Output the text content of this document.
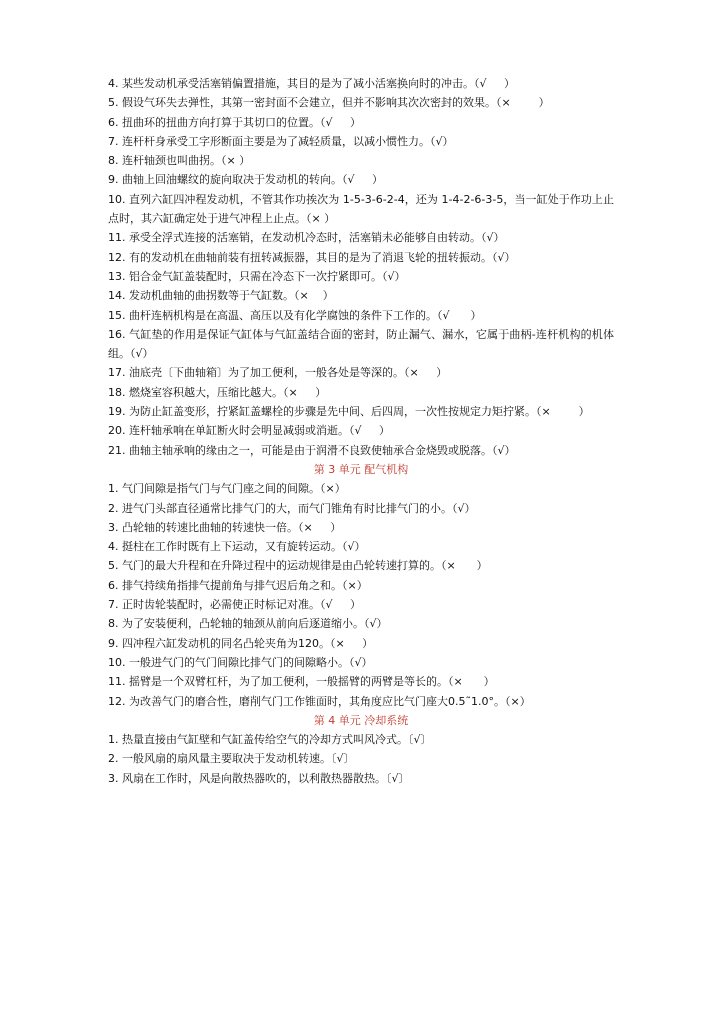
4. 某些发动机承受活塞销偏置措施，其目的是为了减小活塞换向时的冲击。（√     ）
5. 假设气环失去弹性，其第一密封面不会建立，但并不影响其次次密封的效果。（×        ）
6. 扭曲环的扭曲方向打算于其切口的位置。（√     ）
7. 连杆杆身承受工字形断面主要是为了减轻质量，以减小惯性力。（√）
8. 连杆轴颈也叫曲拐。（× ）
9. 曲轴上回油螺纹的旋向取决于发动机的转向。（√     ）
10. 直列六缸四冲程发动机，不管其作功挨次为 1-5-3-6-2-4，还为 1-4-2-6-3-5，当一缸处于作功上止点时，其六缸确定处于进气冲程上止点。（× ）
11. 承受全浮式连接的活塞销，在发动机冷态时，活塞销未必能够自由转动。（√）
12. 有的发动机在曲轴前装有扭转减振器，其目的是为了消退飞轮的扭转振动。（√）
13. 铝合金气缸盖装配时，只需在冷态下一次拧紧即可。（√）
14. 发动机曲轴的曲拐数等于气缸数。（×    ）
15. 曲杆连柄机构是在高温、高压以及有化学腐蚀的条件下工作的。（√      ）
16. 气缸垫的作用是保证气缸体与气缸盖结合面的密封，防止漏气、漏水，它属于曲柄-连杆机构的机体组。（√）
17. 油底壳〔下曲轴箱〕为了加工便利，一般各处是等深的。（×     ）
18. 燃烧室容积越大，压缩比越大。（×     ）
19. 为防止缸盖变形，拧紧缸盖螺栓的步骤是先中间、后四周，一次性按规定力矩拧紧。（×        ）
20. 连杆轴承响在单缸断火时会明显减弱或消逝。（√     ）
21. 曲轴主轴承响的缘由之一，可能是由于润滑不良致使轴承合金烧毁或脱落。（√）
第 3 单元 配气机构
1. 气门间隙是指气门与气门座之间的间隙。（×）
2. 进气门头部直径通常比排气门的大，而气门锥角有时比排气门的小。（√）
3. 凸轮轴的转速比曲轴的转速快一倍。（×     ）
4. 挺柱在工作时既有上下运动，又有旋转运动。（√）
5. 气门的最大升程和在升降过程中的运动规律是由凸轮转速打算的。（×      ）
6. 排气持续角指排气提前角与排气迟后角之和。（×）
7. 正时齿轮装配时，必需使正时标记对准。（√     ）
8. 为了安装便利，凸轮轴的轴颈从前向后逐道缩小。（√）
9. 四冲程六缸发动机的同名凸轮夹角为120。（×     ）
10. 一般进气门的气门间隙比排气门的间隙略小。（√）
11. 摇臂是一个双臂杠杆，为了加工便利，一般摇臂的两臂是等长的。（×      ）
12. 为改善气门的磨合性，磨削气门工作锥面时，其角度应比气门座大0.5˜1.0°。（×）
第 4 单元 冷却系统
1. 热量直接由气缸壁和气缸盖传给空气的冷却方式叫风冷式。〔√〕
2. 一般风扇的扇风量主要取决于发动机转速。〔√〕
3. 风扇在工作时，风是向散热器吹的，以利散热器散热。〔√〕
